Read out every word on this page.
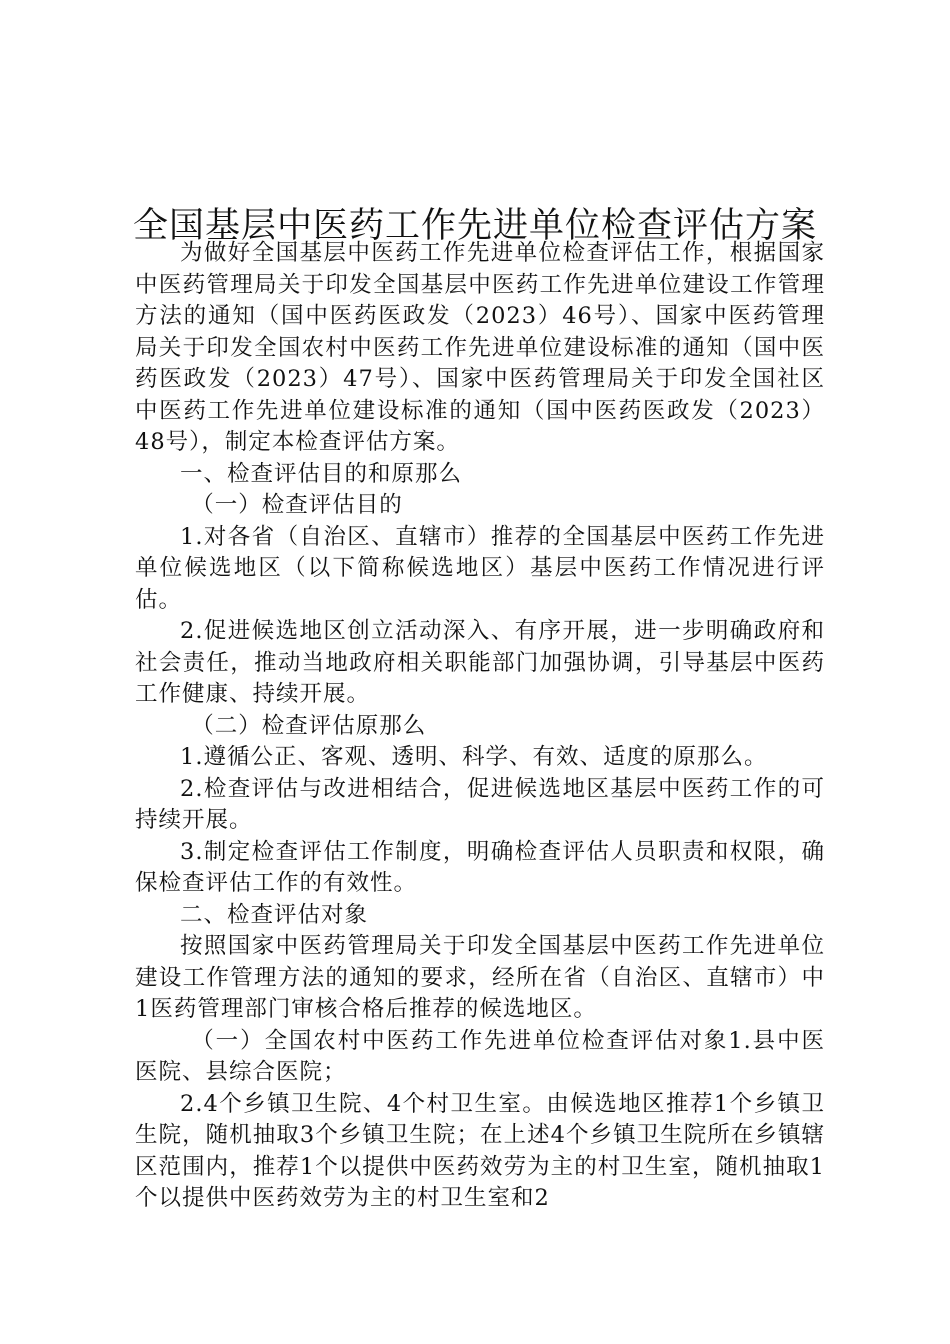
全国基层中医药工作先进单位检查评估方案

为做好全国基层中医药工作先进单位检查评估工作，根据国家中医药管理局关于印发全国基层中医药工作先进单位建设工作管理方法的通知（国中医药医政发（2023）46号）、国家中医药管理局关于印发全国农村中医药工作先进单位建设标准的通知（国中医药医政发（2023）47号）、国家中医药管理局关于印发全国社区中医药工作先进单位建设标准的通知（国中医药医政发（2023）48号），制定本检查评估方案。

一、检查评估目的和原那么

（一）检查评估目的

1.对各省（自治区、直辖市）推荐的全国基层中医药工作先进单位候选地区（以下简称候选地区）基层中医药工作情况进行评估。

2.促进候选地区创立活动深入、有序开展，进一步明确政府和社会责任，推动当地政府相关职能部门加强协调，引导基层中医药工作健康、持续开展。

（二）检查评估原那么

1.遵循公正、客观、透明、科学、有效、适度的原那么。

2.检查评估与改进相结合，促进候选地区基层中医药工作的可持续开展。

3.制定检查评估工作制度，明确检查评估人员职责和权限，确保检查评估工作的有效性。

二、检查评估对象

按照国家中医药管理局关于印发全国基层中医药工作先进单位建设工作管理方法的通知的要求，经所在省（自治区、直辖市）中1医药管理部门审核合格后推荐的候选地区。

（一）全国农村中医药工作先进单位检查评估对象1.县中医医院、县综合医院；

2.4个乡镇卫生院、4个村卫生室。由候选地区推荐1个乡镇卫生院，随机抽取3个乡镇卫生院；在上述4个乡镇卫生院所在乡镇辖区范围内，推荐1个以提供中医药效劳为主的村卫生室，随机抽取1个以提供中医药效劳为主的村卫生室和2
